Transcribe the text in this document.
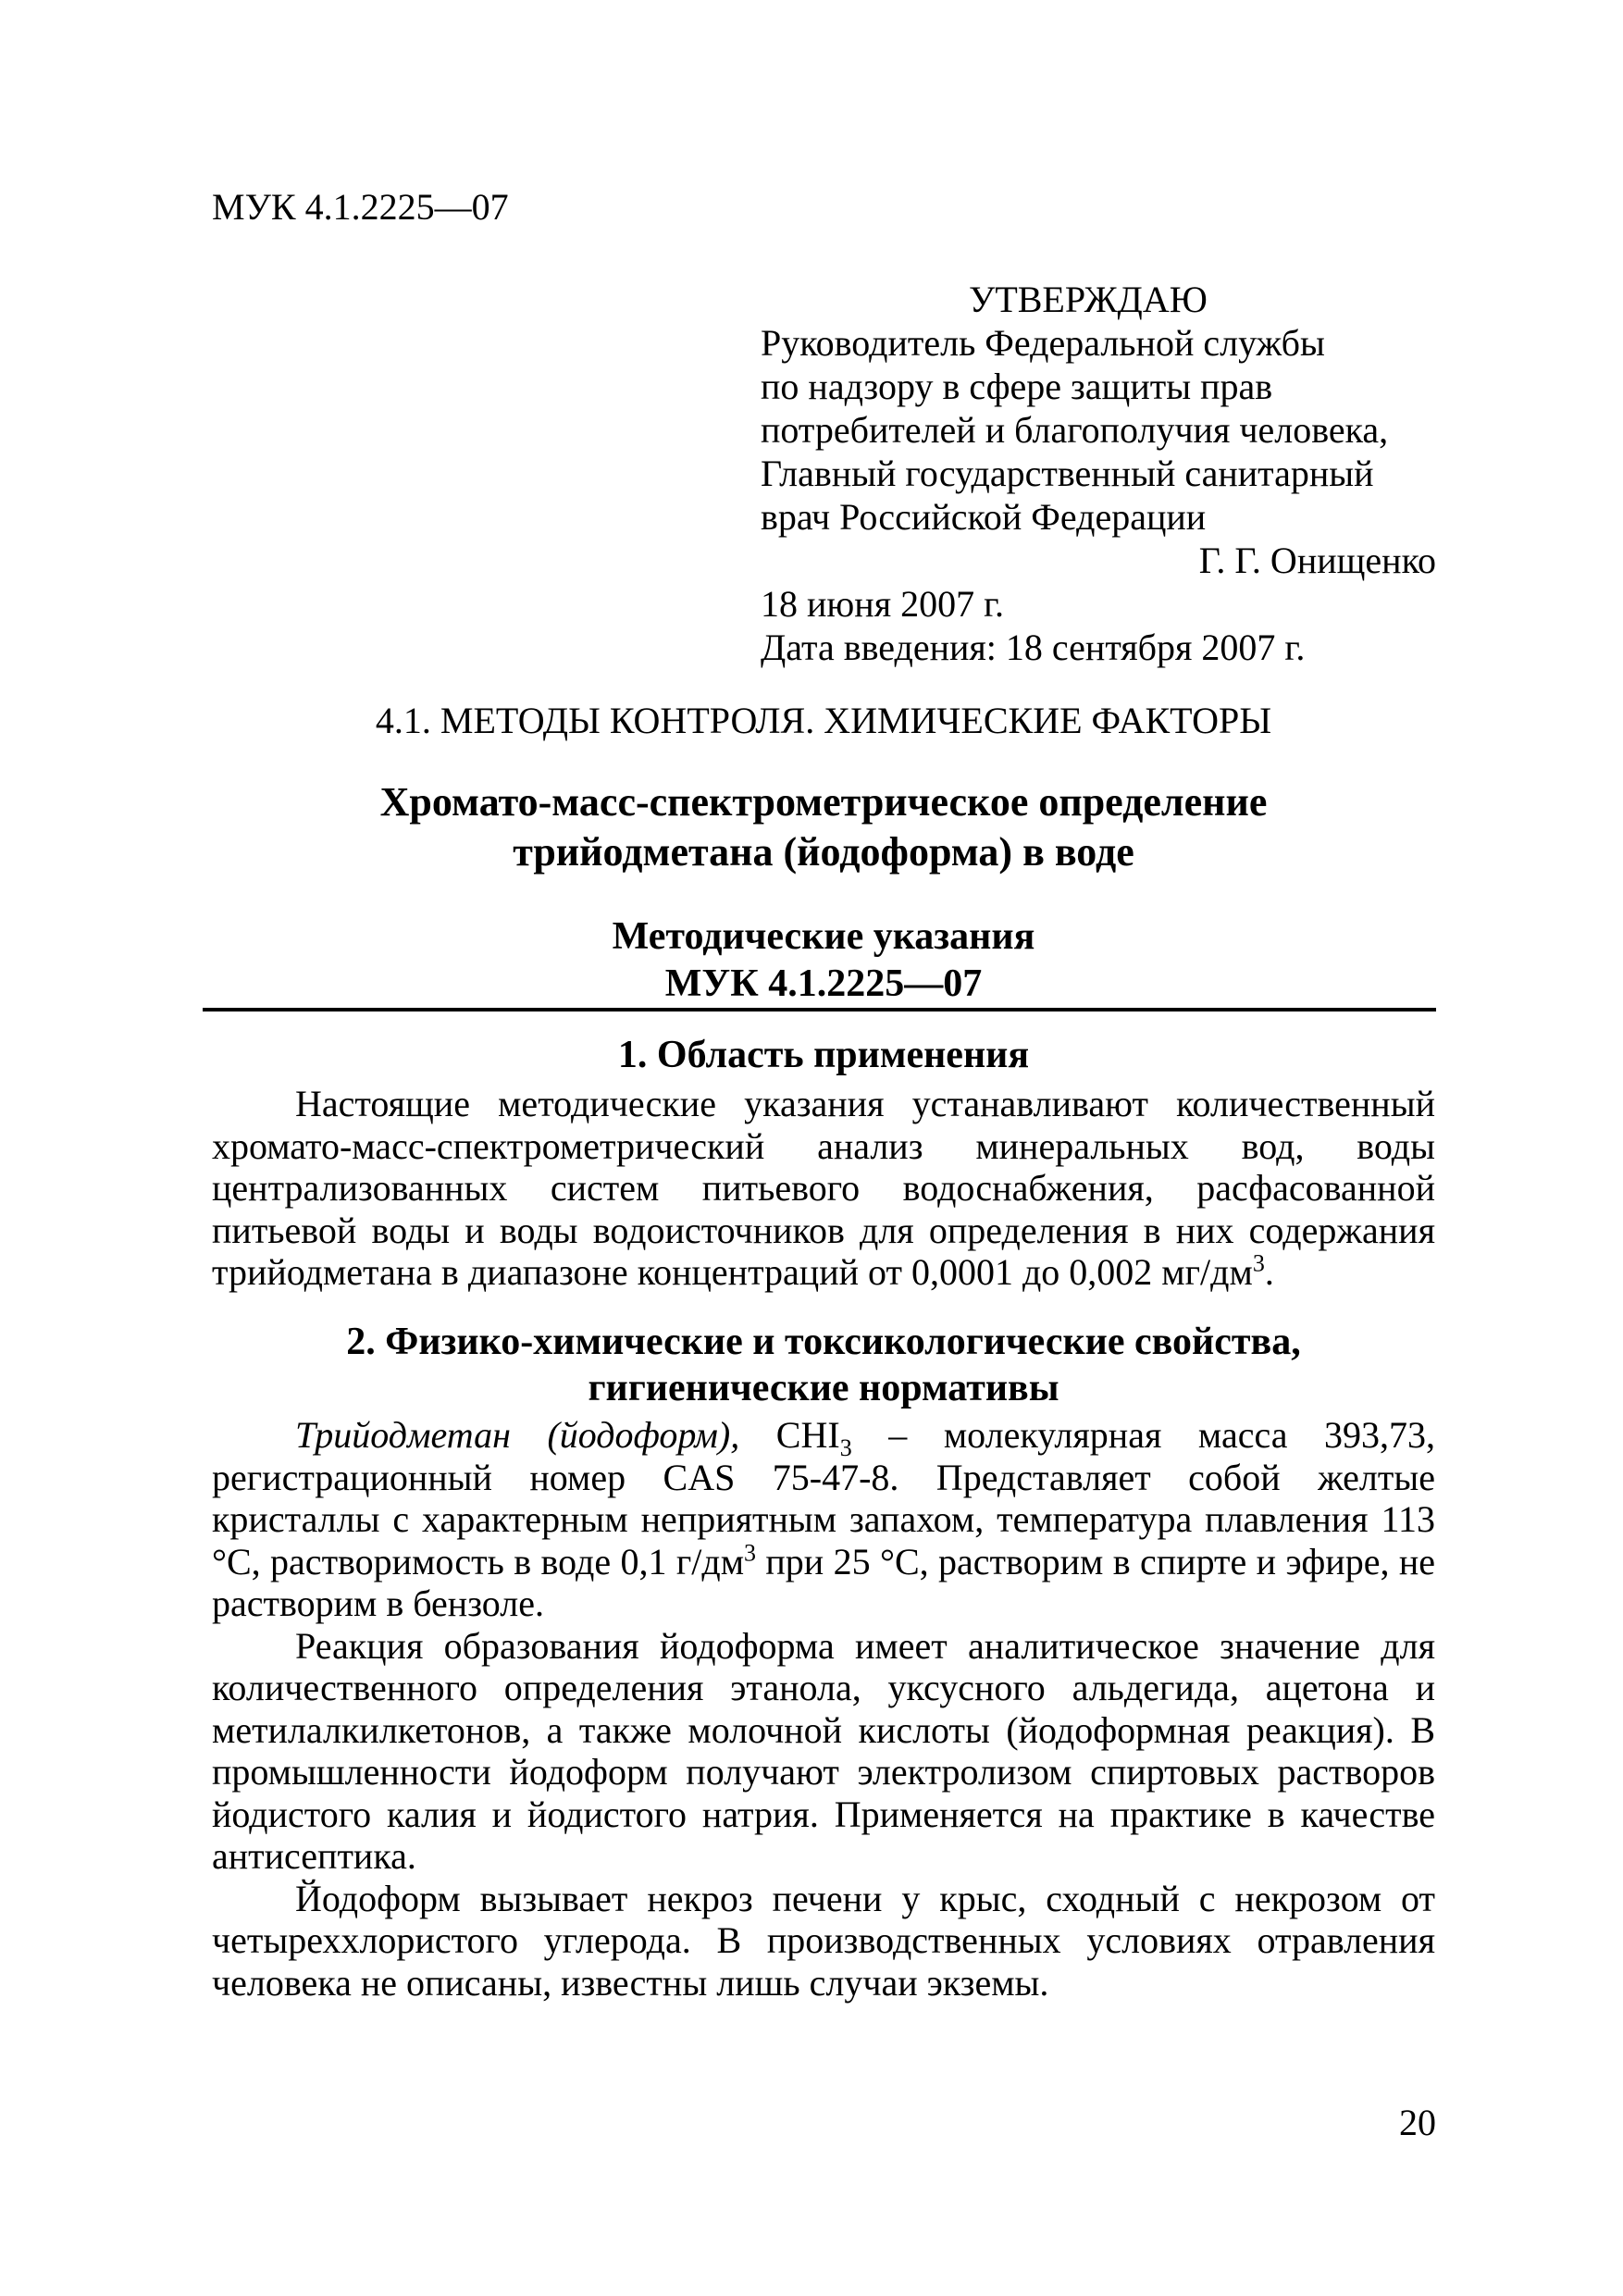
МУК 4.1.2225—07
УТВЕРЖДАЮ
Руководитель Федеральной службы
по надзору в сфере защиты прав
потребителей и благополучия человека,
Главный государственный санитарный
врач Российской Федерации
Г. Г. Онищенко
18 июня 2007 г.
Дата введения: 18 сентября 2007 г.
4.1. МЕТОДЫ КОНТРОЛЯ. ХИМИЧЕСКИЕ ФАКТОРЫ
Хромато-масс-спектрометрическое определение
трийодметана (йодоформа) в воде
Методические указания
МУК 4.1.2225—07
1. Область применения

Настоящие методические указания устанавливают количественный хромато-масс-спектрометрический анализ минеральных вод, воды централизованных систем питьевого водоснабжения, расфасованной питьевой воды и воды водоисточников для определения в них содержания трийодметана в диапазоне концентраций от 0,0001 до 0,002 $мг/дм^3$.

2. Физико-химические и токсикологические свойства,
гигиенические нормативы

Трийодметан (йодоформ), $CHI_3$ – молекулярная масса 393,73, регистрационный номер CAS 75-47-8. Представляет собой желтые кристаллы с характерным неприятным запахом, температура плавления 113 °С, растворимость в воде 0,1 $г/дм^3$ при 25 °С, растворим в спирте и эфире, не растворим в бензоле.

Реакция образования йодоформа имеет аналитическое значение для количественного определения этанола, уксусного альдегида, ацетона и метилалкилкетонов, а также молочной кислоты (йодоформная реакция). В промышленности йодоформ получают электролизом спиртовых растворов йодистого калия и йодистого натрия. Применяется на практике в качестве антисептика.

Йодоформ вызывает некроз печени у крыс, сходный с некрозом от четыреххлористого углерода. В производственных условиях отравления человека не описаны, известны лишь случаи экземы.

20
